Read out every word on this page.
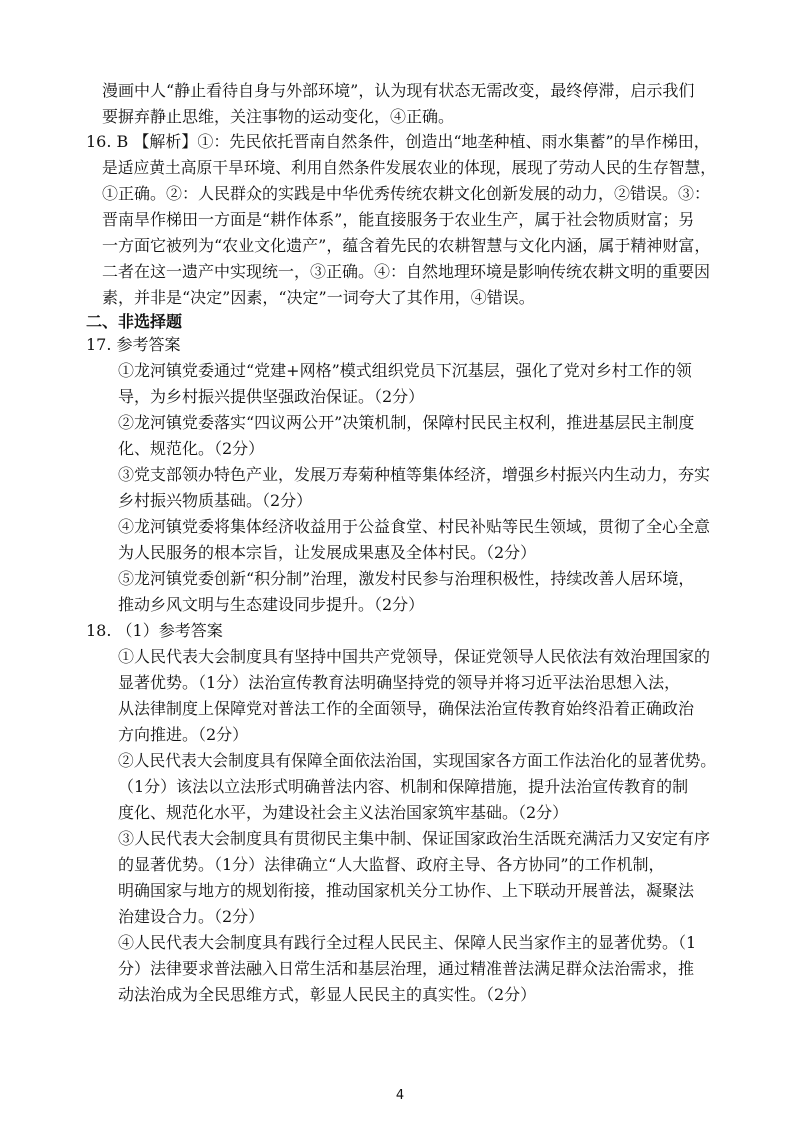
漫画中人“静止看待自身与外部环境”，认为现有状态无需改变，最终停滞，启示我们
要摒弃静止思维，关注事物的运动变化，④正确。
16. B 【解析】①：先民依托晋南自然条件，创造出“地垄种植、雨水集蓄”的旱作梯田，
是适应黄土高原干旱环境、利用自然条件发展农业的体现，展现了劳动人民的生存智慧，
①正确。②：人民群众的实践是中华优秀传统农耕文化创新发展的动力，②错误。③：
晋南旱作梯田一方面是“耕作体系”，能直接服务于农业生产，属于社会物质财富；另
一方面它被列为“农业文化遗产”，蕴含着先民的农耕智慧与文化内涵，属于精神财富，
二者在这一遗产中实现统一，③正确。④：自然地理环境是影响传统农耕文明的重要因
素，并非是“决定”因素，“决定”一词夸大了其作用，④错误。
二、非选择题
17. 参考答案
①龙河镇党委通过“党建+网格”模式组织党员下沉基层，强化了党对乡村工作的领
导，为乡村振兴提供坚强政治保证。（2分）
②龙河镇党委落实“四议两公开”决策机制，保障村民民主权利，推进基层民主制度
化、规范化。（2分）
③党支部领办特色产业，发展万寿菊种植等集体经济，增强乡村振兴内生动力，夯实
乡村振兴物质基础。（2分）
④龙河镇党委将集体经济收益用于公益食堂、村民补贴等民生领域，贯彻了全心全意
为人民服务的根本宗旨，让发展成果惠及全体村民。（2分）
⑤龙河镇党委创新“积分制”治理，激发村民参与治理积极性，持续改善人居环境，
推动乡风文明与生态建设同步提升。（2分）
18. （1）参考答案
①人民代表大会制度具有坚持中国共产党领导，保证党领导人民依法有效治理国家的
显著优势。（1分）法治宣传教育法明确坚持党的领导并将习近平法治思想入法，
从法律制度上保障党对普法工作的全面领导，确保法治宣传教育始终沿着正确政治
方向推进。（2分）
②人民代表大会制度具有保障全面依法治国，实现国家各方面工作法治化的显著优势。
（1分）该法以立法形式明确普法内容、机制和保障措施，提升法治宣传教育的制
度化、规范化水平，为建设社会主义法治国家筑牢基础。（2分）
③人民代表大会制度具有贯彻民主集中制、保证国家政治生活既充满活力又安定有序
的显著优势。（1分）法律确立“人大监督、政府主导、各方协同”的工作机制，
明确国家与地方的规划衔接，推动国家机关分工协作、上下联动开展普法，凝聚法
治建设合力。（2分）
④人民代表大会制度具有践行全过程人民民主、保障人民当家作主的显著优势。（1
分）法律要求普法融入日常生活和基层治理，通过精准普法满足群众法治需求，推
动法治成为全民思维方式，彰显人民民主的真实性。（2分）
4
